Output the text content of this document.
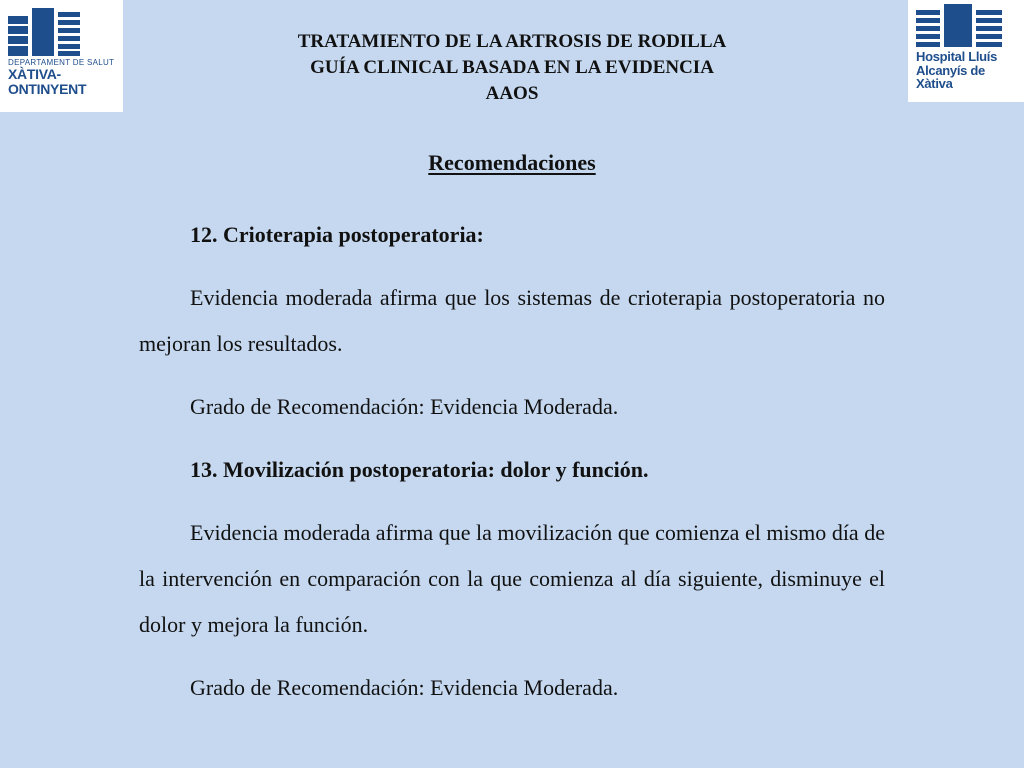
DEPARTAMENT DE SALUT
XÀTIVA-ONTINYENT
Hospital Lluís
Alcanyís de Xàtiva
TRATAMIENTO DE LA ARTROSIS DE RODILLA
GUÍA CLINICAL BASADA EN LA EVIDENCIA
AAOS
Recomendaciones

12. Crioterapia postoperatoria:

Evidencia moderada afirma que los sistemas de crioterapia postoperatoria no mejoran los resultados.

Grado de Recomendación: Evidencia Moderada.

13. Movilización postoperatoria: dolor y función.

Evidencia moderada afirma que la movilización que comienza el mismo día de la intervención en comparación con la que comienza al día siguiente, disminuye el dolor y mejora la función.

Grado de Recomendación: Evidencia Moderada.
